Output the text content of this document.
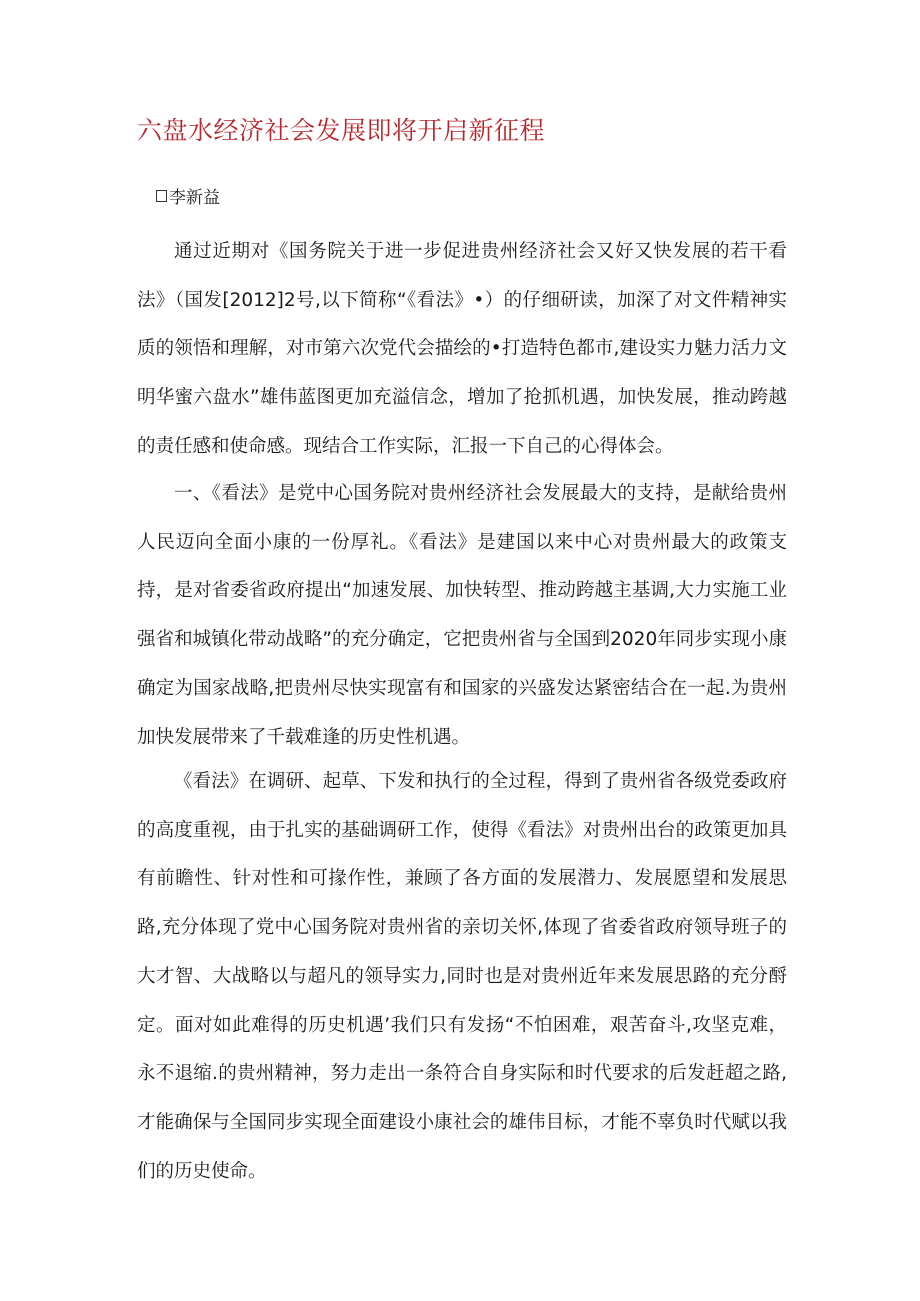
六盘水经济社会发展即将开启新征程
李新益

通过近期对《国务院关于进一步促进贵州经济社会又好又快发展的若干看法》（国发[2012]2号,以下简称“《看法》•）的仔细研读，加深了对文件精神实质的领悟和理解，对市第六次党代会描绘的•打造特色都市,建设实力魅力活力文明华蜜六盘水”雄伟蓝图更加充溢信念，增加了抢抓机遇，加快发展，推动跨越的责任感和使命感。现结合工作实际，汇报一下自己的心得体会。

一、《看法》是党中心国务院对贵州经济社会发展最大的支持，是献给贵州人民迈向全面小康的一份厚礼。《看法》是建国以来中心对贵州最大的政策支持，是对省委省政府提出“加速发展、加快转型、推动跨越主基调,大力实施工业强省和城镇化带动战略”的充分确定，它把贵州省与全国到2020年同步实现小康确定为国家战略,把贵州尽快实现富有和国家的兴盛发达紧密结合在一起.为贵州加快发展带来了千载难逢的历史性机遇。

《看法》在调研、起草、下发和执行的全过程，得到了贵州省各级党委政府的高度重视，由于扎实的基础调研工作，使得《看法》对贵州出台的政策更加具有前瞻性、针对性和可掾作性，兼顾了各方面的发展潜力、发展愿望和发展思路,充分体现了党中心国务院对贵州省的亲切关怀,体现了省委省政府领导班子的大才智、大战略以与超凡的领导实力,同时也是对贵州近年来发展思路的充分酹定。面对如此难得的历史机遇’我们只有发扬“不怕困难，艰苦奋斗,攻坚克难，永不退缩.的贵州精神，努力走出一条符合自身实际和时代要求的后发赶超之路,才能确保与全国同步实现全面建设小康社会的雄伟目标，才能不辜负时代赋以我们的历史使命。
